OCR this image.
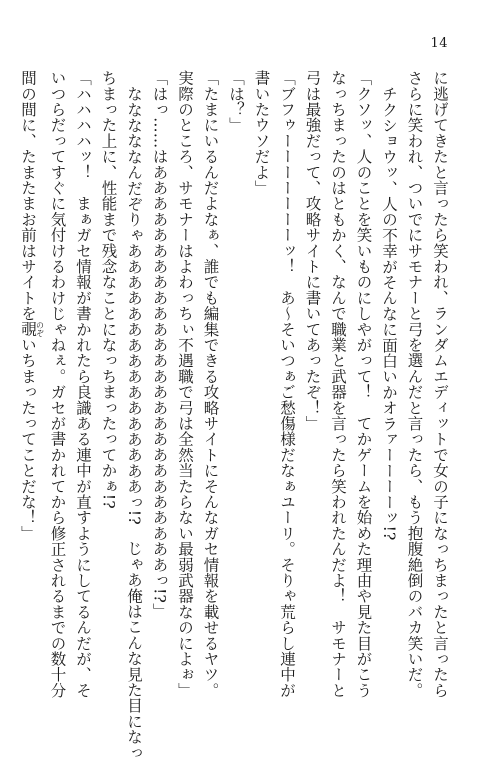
14

に逃げてきたと言ったら笑われ、ランダムエディットで女の子になっちまったと言ったら

さらに笑われ、ついでにサモナーと弓を選んだと言ったら、もう抱腹絶倒のバカ笑いだ。

チクショウッ、人の不幸がそんなに面白いかオラァーーーーッ!?

「クソッ、人のことを笑いものにしやがって！　てかゲームを始めた理由や見た目がこう

なっちまったのはともかく、なんで職業と武器を言ったら笑われたんだよ！　サモナーと

弓は最強だって、攻略サイトに書いてあったぞ！」

「ブフゥーーーーーーーッ！　あ〜そいつぁご愁傷様だなぁユーリ。そりゃ荒らし連中が

書いたウソだよ」

「は？」

「たまにいるんだよなぁ、誰でも編集できる攻略サイトにそんなガセ情報を載せるヤツ。

実際のところ、サモナーはよわっちぃ不遇職で弓は全然当たらない最弱武器なのによぉ」

「はっ……はああああああああああああああああああああああああああっ!?」

なななななんだぞりゃああああああああああああああああっ!?　じゃあ俺はこんな見た目になっ

ちまった上に、性能まで残念なことになっちまったってかぁ!?

「ハハハハッ！　まぁガセ情報が書かれたら良識ある連中が直すようにしてるんだが、そ

いつらだってすぐに気付けるわけじゃねぇ。ガセが書かれてから修正されるまでの数十分

間の間に、たまたまお前はサイトを覗のぞいちまったってことだな！」
